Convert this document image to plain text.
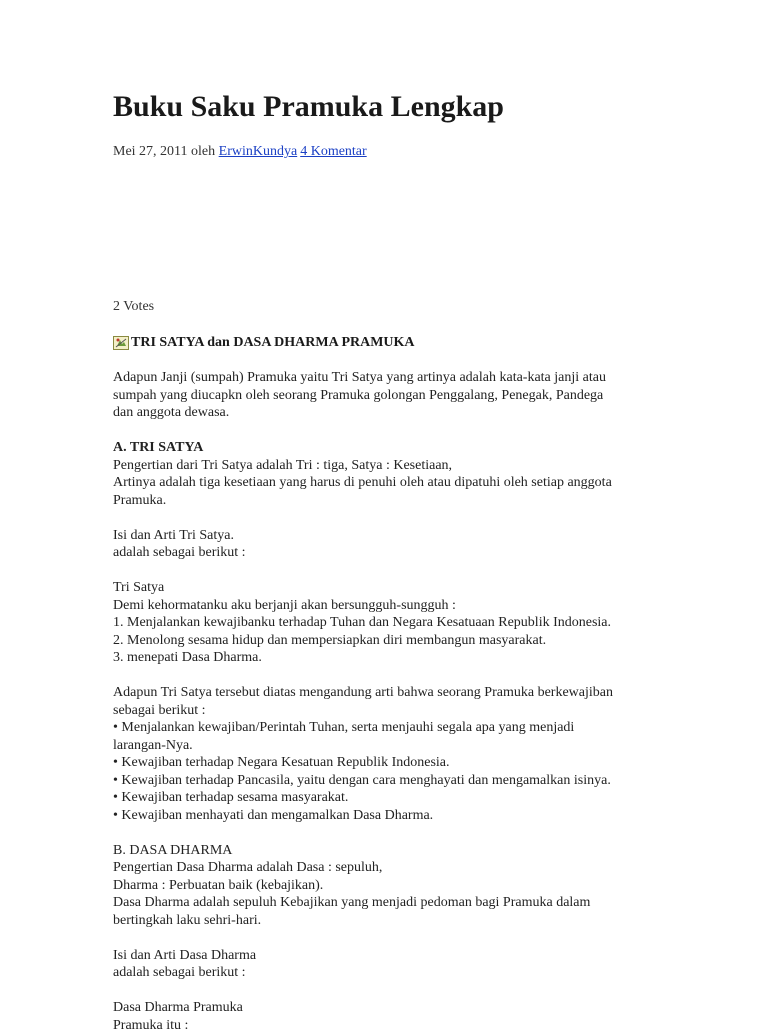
Buku Saku Pramuka Lengkap
Mei 27, 2011 oleh ErwinKundya 4 Komentar
2 Votes
TRI SATYA dan DASA DHARMA PRAMUKA
Adapun Janji (sumpah) Pramuka yaitu Tri Satya yang artinya adalah kata-kata janji atau
sumpah yang diucapkn oleh seorang Pramuka golongan Penggalang, Penegak, Pandega
dan anggota dewasa.
A. TRI SATYA
Pengertian dari Tri Satya adalah Tri : tiga, Satya : Kesetiaan,
Artinya adalah tiga kesetiaan yang harus di penuhi oleh atau dipatuhi oleh setiap anggota
Pramuka.
Isi dan Arti Tri Satya.
adalah sebagai berikut :
Tri Satya
Demi kehormatanku aku berjanji akan bersungguh-sungguh :
1. Menjalankan kewajibanku terhadap Tuhan dan Negara Kesatuaan Republik Indonesia.
2. Menolong sesama hidup dan mempersiapkan diri membangun masyarakat.
3. menepati Dasa Dharma.
Adapun Tri Satya tersebut diatas mengandung arti bahwa seorang Pramuka berkewajiban
sebagai berikut :
• Menjalankan kewajiban/Perintah Tuhan, serta menjauhi segala apa yang menjadi
larangan-Nya.
• Kewajiban terhadap Negara Kesatuan Republik Indonesia.
• Kewajiban terhadap Pancasila, yaitu dengan cara menghayati dan mengamalkan isinya.
• Kewajiban terhadap sesama masyarakat.
• Kewajiban menhayati dan mengamalkan Dasa Dharma.
B. DASA DHARMA
Pengertian Dasa Dharma adalah Dasa : sepuluh,
Dharma : Perbuatan baik (kebajikan).
Dasa Dharma adalah sepuluh Kebajikan yang menjadi pedoman bagi Pramuka dalam
bertingkah laku sehri-hari.
Isi dan Arti Dasa Dharma
adalah sebagai berikut :
Dasa Dharma Pramuka
Pramuka itu :
